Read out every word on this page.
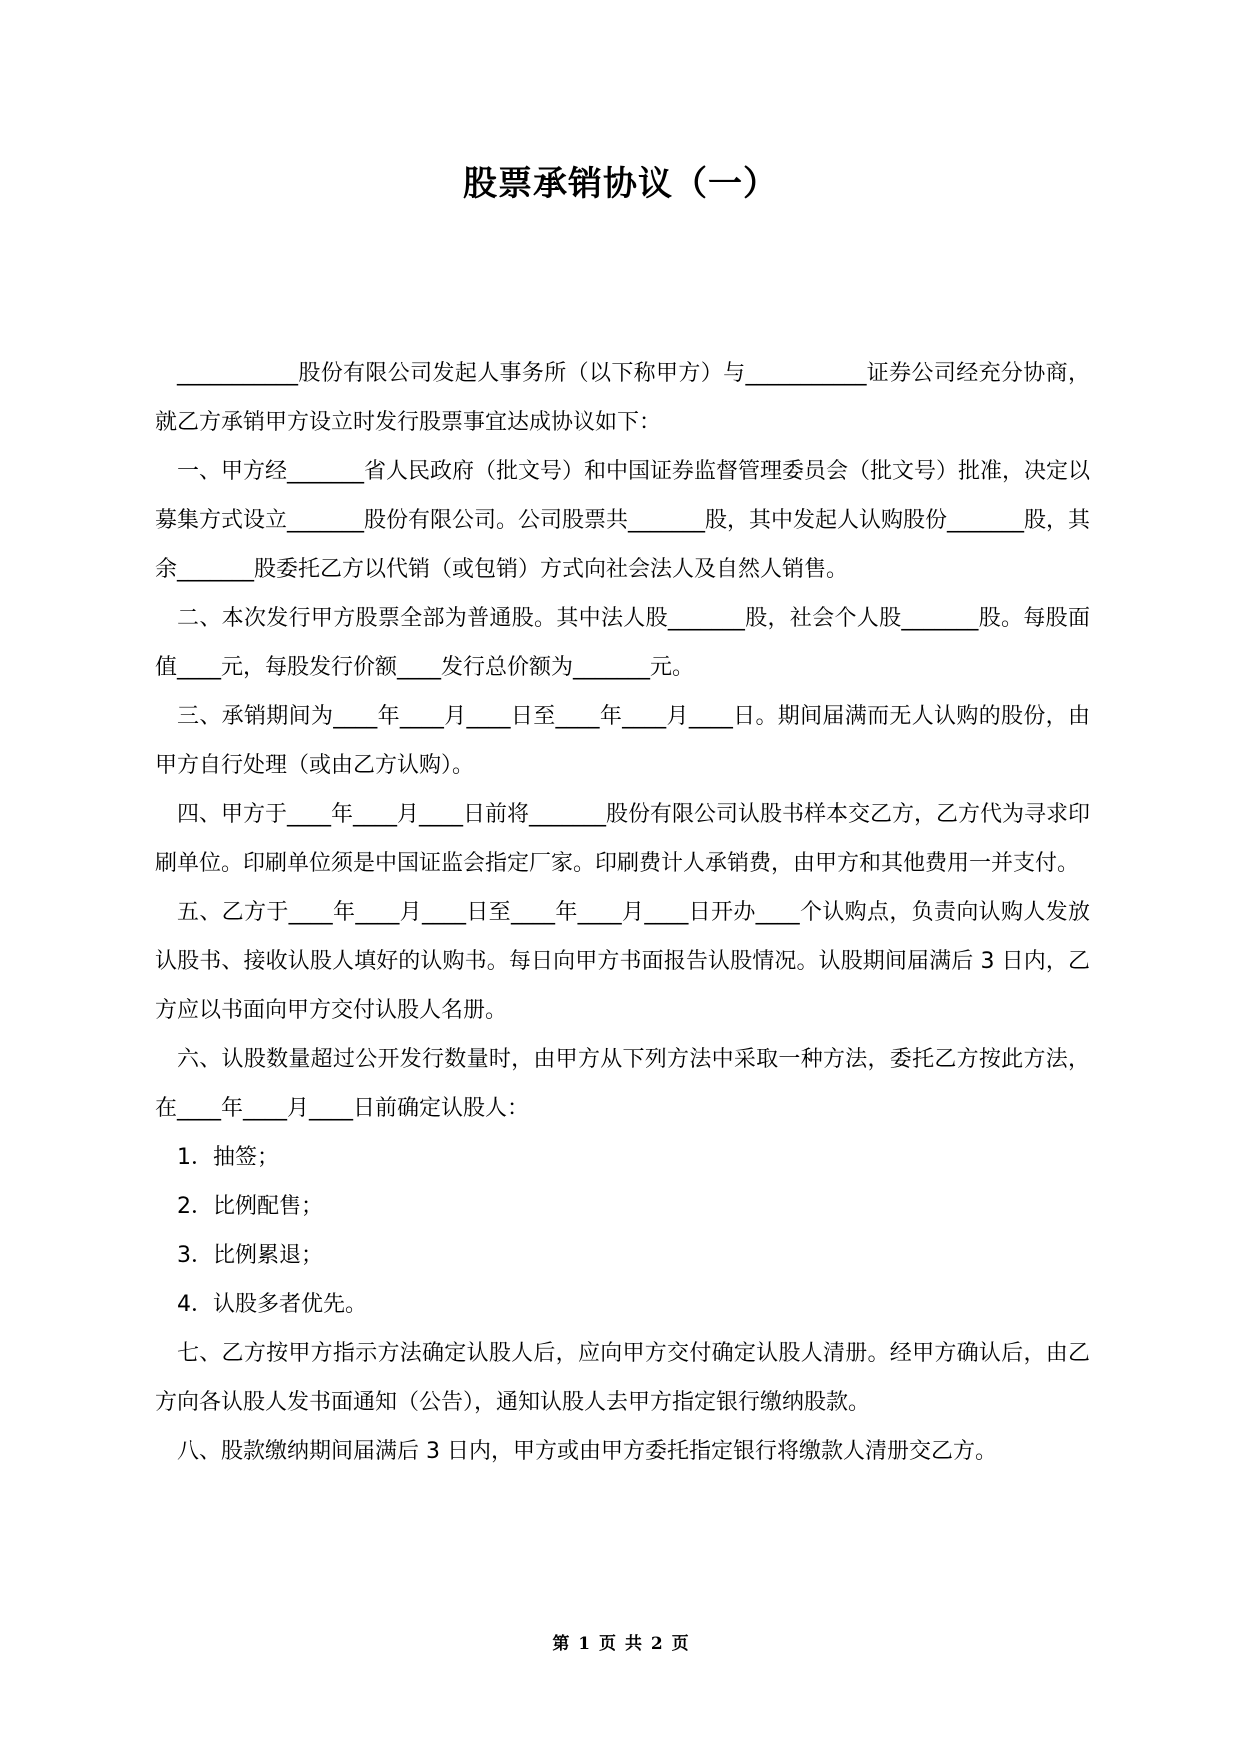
股票承销协议（一）

___________股份有限公司发起人事务所（以下称甲方）与___________证券公司经充分协商，就乙方承销甲方设立时发行股票事宜达成协议如下：

一、甲方经_______省人民政府（批文号）和中国证券监督管理委员会（批文号）批准，决定以募集方式设立_______股份有限公司。公司股票共_______股，其中发起人认购股份_______股，其余_______股委托乙方以代销（或包销）方式向社会法人及自然人销售。

二、本次发行甲方股票全部为普通股。其中法人股_______股，社会个人股_______股。每股面值____元，每股发行价额____发行总价额为_______元。

三、承销期间为____年____月____日至____年____月____日。期间届满而无人认购的股份，由甲方自行处理（或由乙方认购）。

四、甲方于____年____月____日前将_______股份有限公司认股书样本交乙方，乙方代为寻求印刷单位。印刷单位须是中国证监会指定厂家。印刷费计人承销费，由甲方和其他费用一并支付。

五、乙方于____年____月____日至____年____月____日开办____个认购点，负责向认购人发放认股书、接收认股人填好的认购书。每日向甲方书面报告认股情况。认股期间届满后 3 日内，乙方应以书面向甲方交付认股人名册。

六、认股数量超过公开发行数量时，由甲方从下列方法中采取一种方法，委托乙方按此方法，在____年____月____日前确定认股人：

1．抽签；

2．比例配售；

3．比例累退；

4．认股多者优先。

七、乙方按甲方指示方法确定认股人后，应向甲方交付确定认股人清册。经甲方确认后，由乙方向各认股人发书面通知（公告），通知认股人去甲方指定银行缴纳股款。

八、股款缴纳期间届满后 3 日内，甲方或由甲方委托指定银行将缴款人清册交乙方。

第 1 页 共 2 页
